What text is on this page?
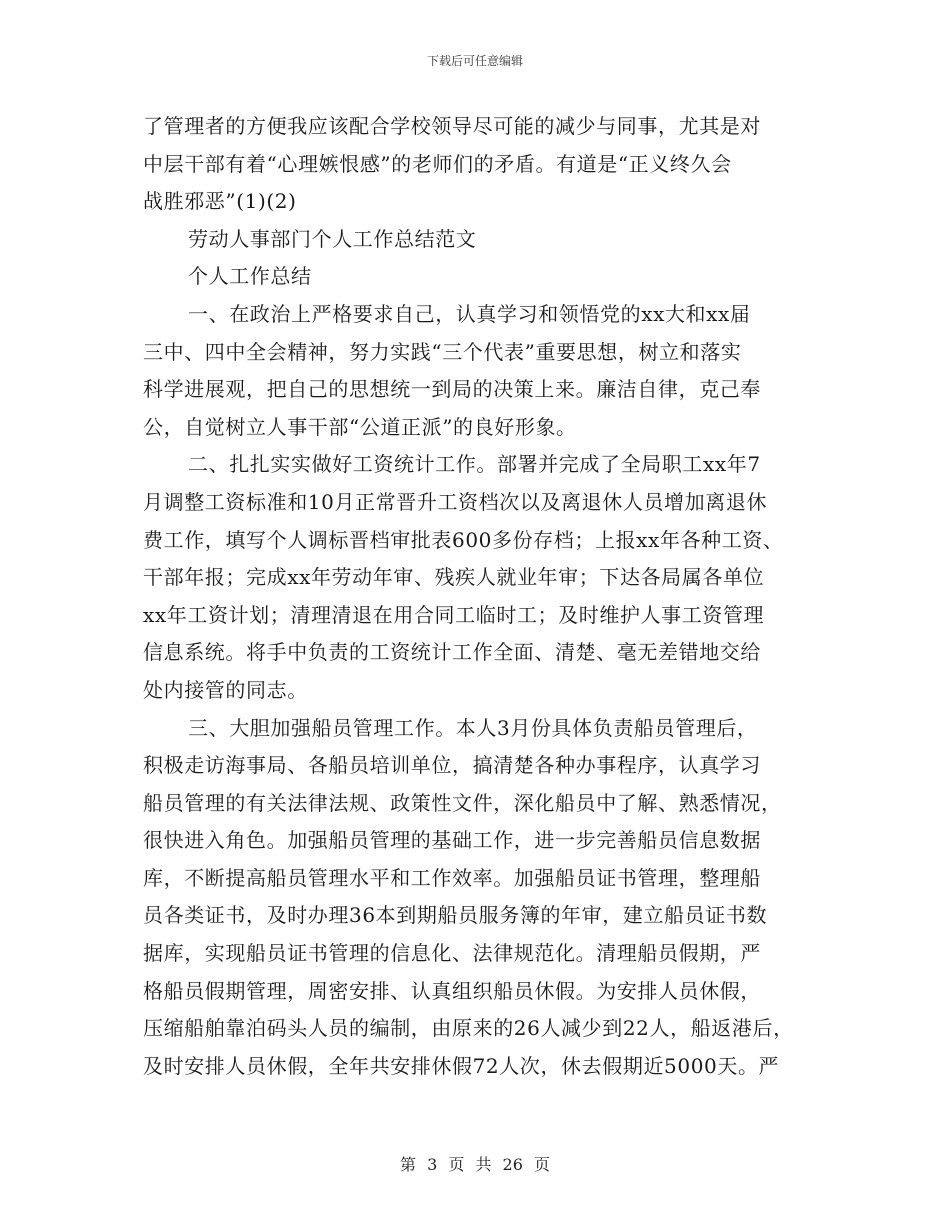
下载后可任意编辑
了管理者的方便我应该配合学校领导尽可能的减少与同事，尤其是对
中层干部有着“心理嫉恨感”的老师们的矛盾。有道是“正义终久会
战胜邪恶”(1)(2)
劳动人事部门个人工作总结范文
个人工作总结
一、在政治上严格要求自己，认真学习和领悟党的xx大和xx届
三中、四中全会精神，努力实践“三个代表”重要思想，树立和落实
科学进展观，把自己的思想统一到局的决策上来。廉洁自律，克己奉
公，自觉树立人事干部“公道正派”的良好形象。
二、扎扎实实做好工资统计工作。部署并完成了全局职工xx年7
月调整工资标准和10月正常晋升工资档次以及离退休人员增加离退休
费工作，填写个人调标晋档审批表600多份存档；上报xx年各种工资、
干部年报；完成xx年劳动年审、残疾人就业年审；下达各局属各单位
xx年工资计划；清理清退在用合同工临时工；及时维护人事工资管理
信息系统。将手中负责的工资统计工作全面、清楚、毫无差错地交给
处内接管的同志。
三、大胆加强船员管理工作。本人3月份具体负责船员管理后，
积极走访海事局、各船员培训单位，搞清楚各种办事程序，认真学习
船员管理的有关法律法规、政策性文件，深化船员中了解、熟悉情况，
很快进入角色。加强船员管理的基础工作，进一步完善船员信息数据
库，不断提高船员管理水平和工作效率。加强船员证书管理，整理船
员各类证书，及时办理36本到期船员服务簿的年审，建立船员证书数
据库，实现船员证书管理的信息化、法律规范化。清理船员假期，严
格船员假期管理，周密安排、认真组织船员休假。为安排人员休假，
压缩船舶靠泊码头人员的编制，由原来的26人减少到22人，船返港后，
及时安排人员休假，全年共安排休假72人次，休去假期近5000天。严
第 3 页 共 26 页
